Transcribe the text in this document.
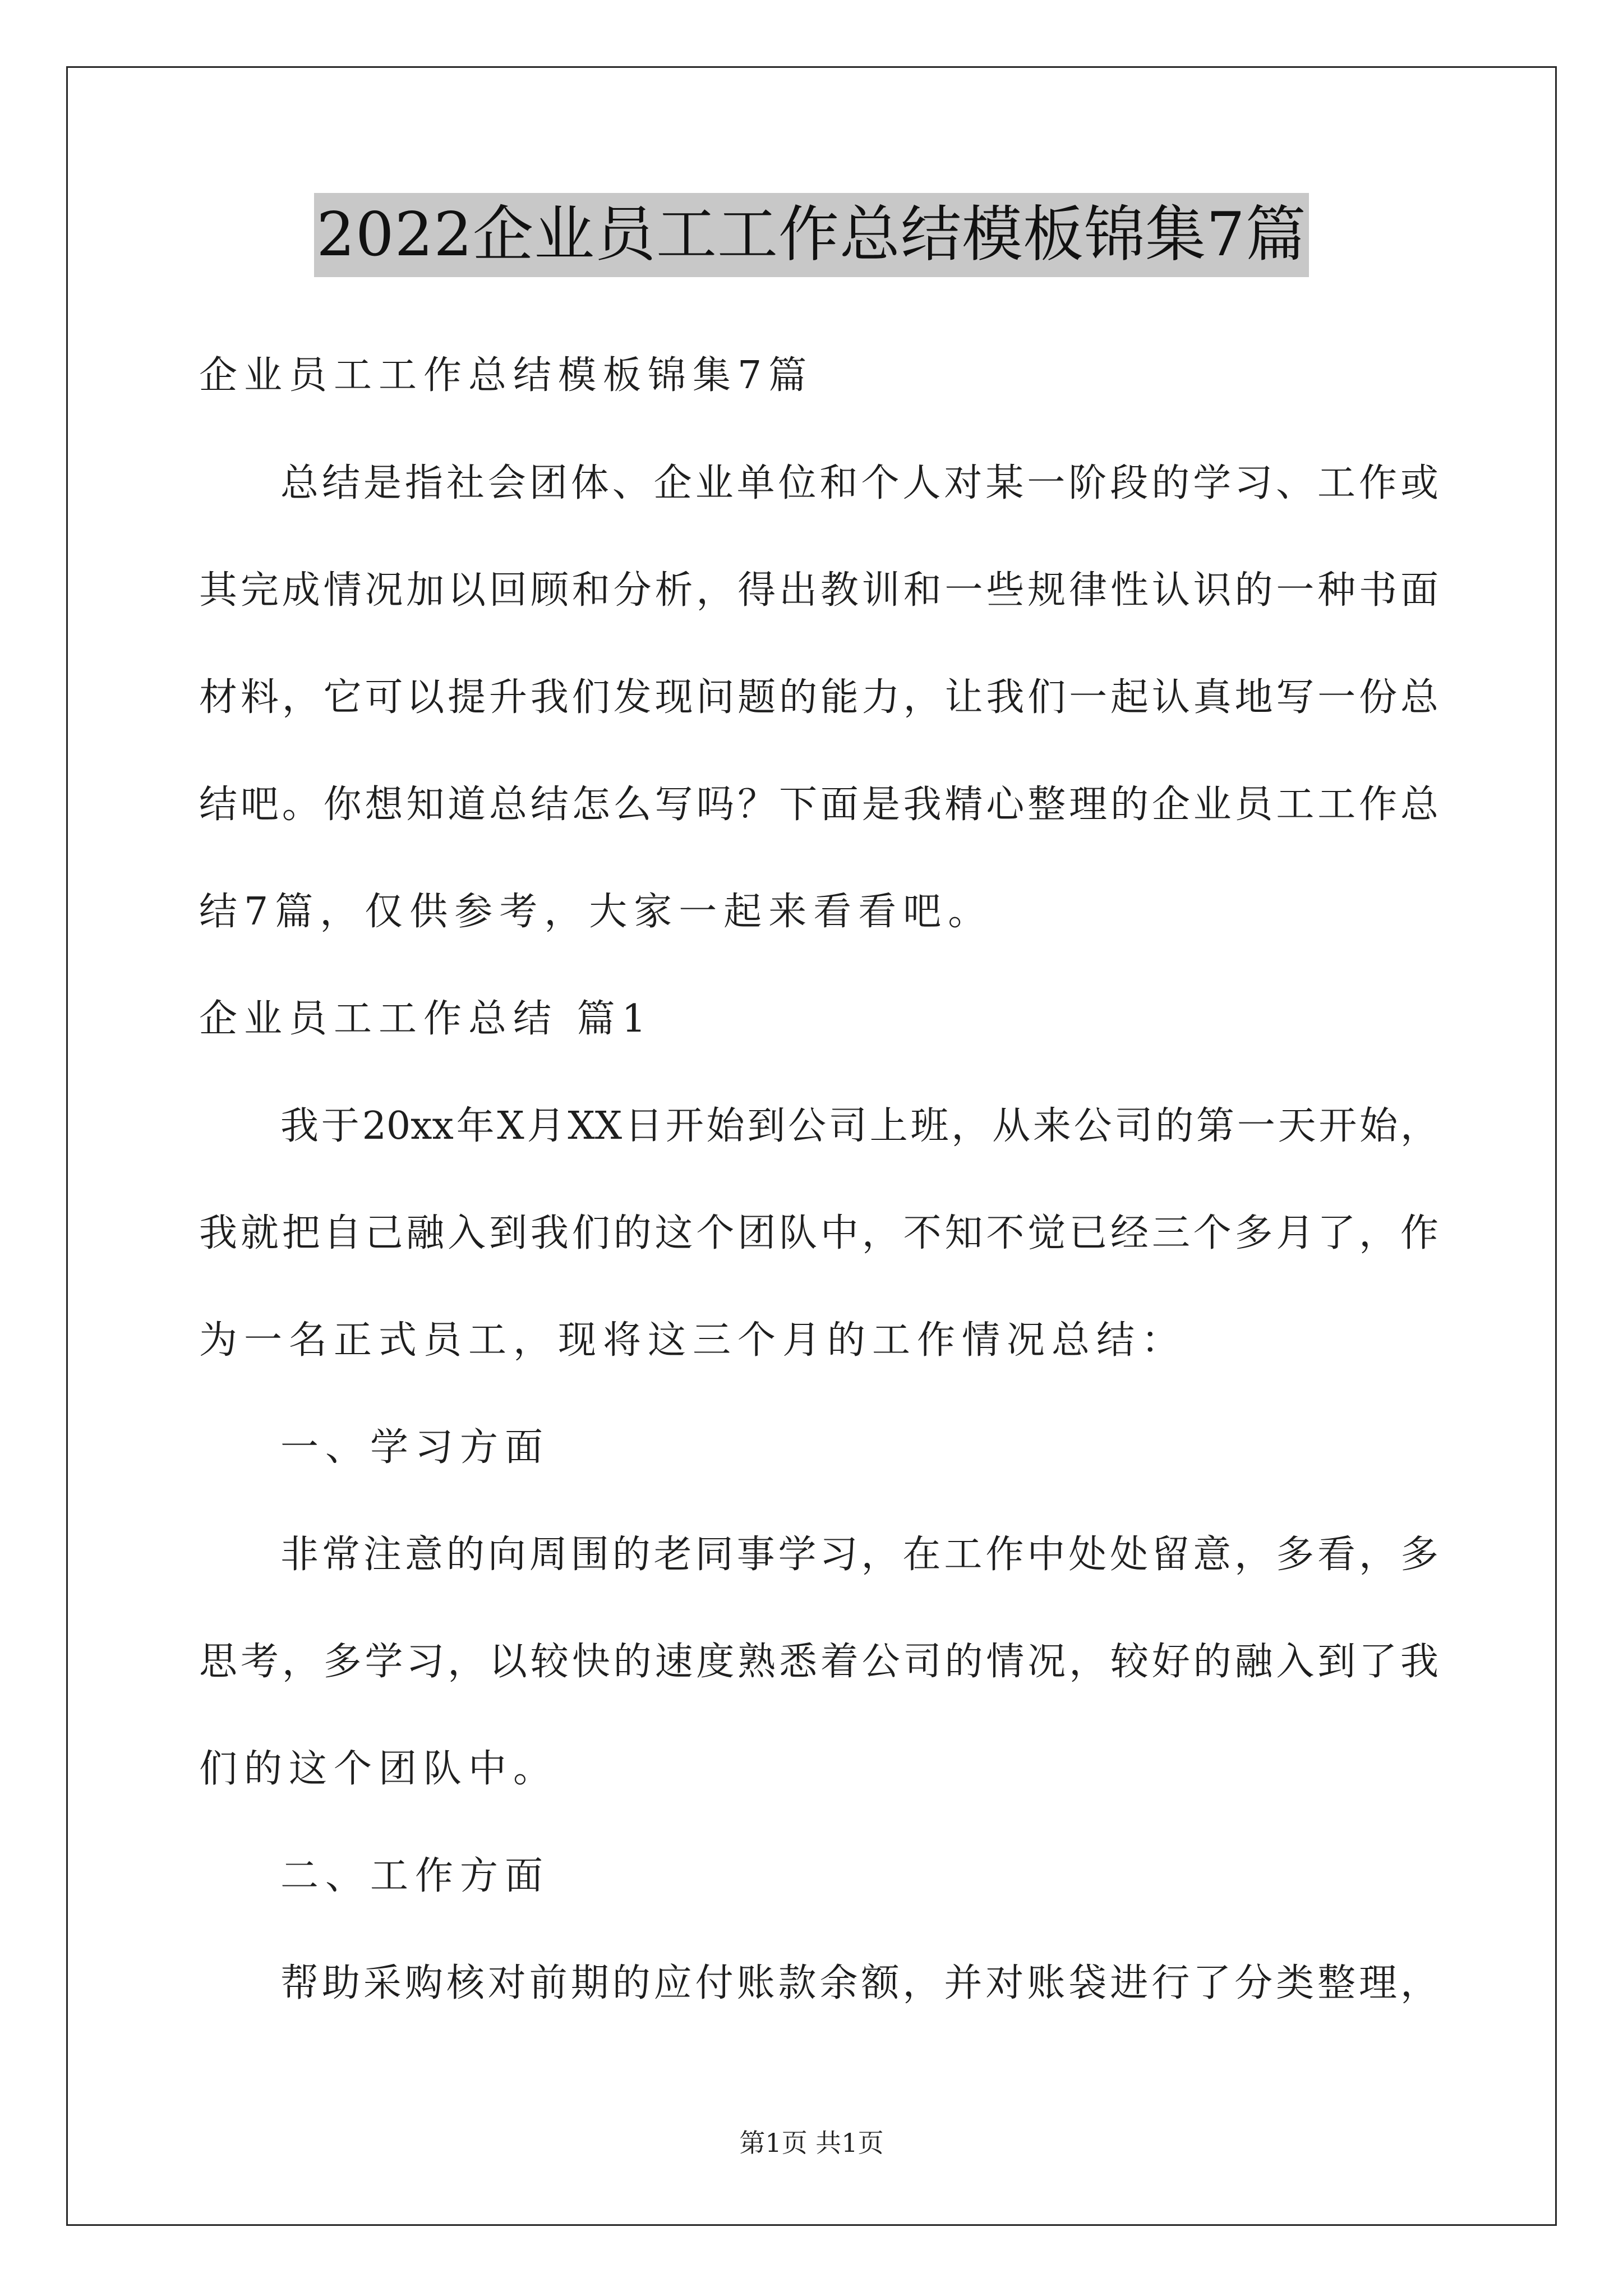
2022企业员工工作总结模板锦集7篇
企业员工工作总结模板锦集7篇
总结是指社会团体、企业单位和个人对某一阶段的学习、工作或
其完成情况加以回顾和分析，得出教训和一些规律性认识的一种书面
材料，它可以提升我们发现问题的能力，让我们一起认真地写一份总
结吧。你想知道总结怎么写吗？下面是我精心整理的企业员工工作总
结7篇，仅供参考，大家一起来看看吧。
企业员工工作总结 篇1
我于20xx年X月XX日开始到公司上班，从来公司的第一天开始，
我就把自己融入到我们的这个团队中，不知不觉已经三个多月了，作
为一名正式员工，现将这三个月的工作情况总结：
一、学习方面
非常注意的向周围的老同事学习，在工作中处处留意，多看，多
思考，多学习，以较快的速度熟悉着公司的情况，较好的融入到了我
们的这个团队中。
二、工作方面
帮助采购核对前期的应付账款余额，并对账袋进行了分类整理，
第1页 共1页
